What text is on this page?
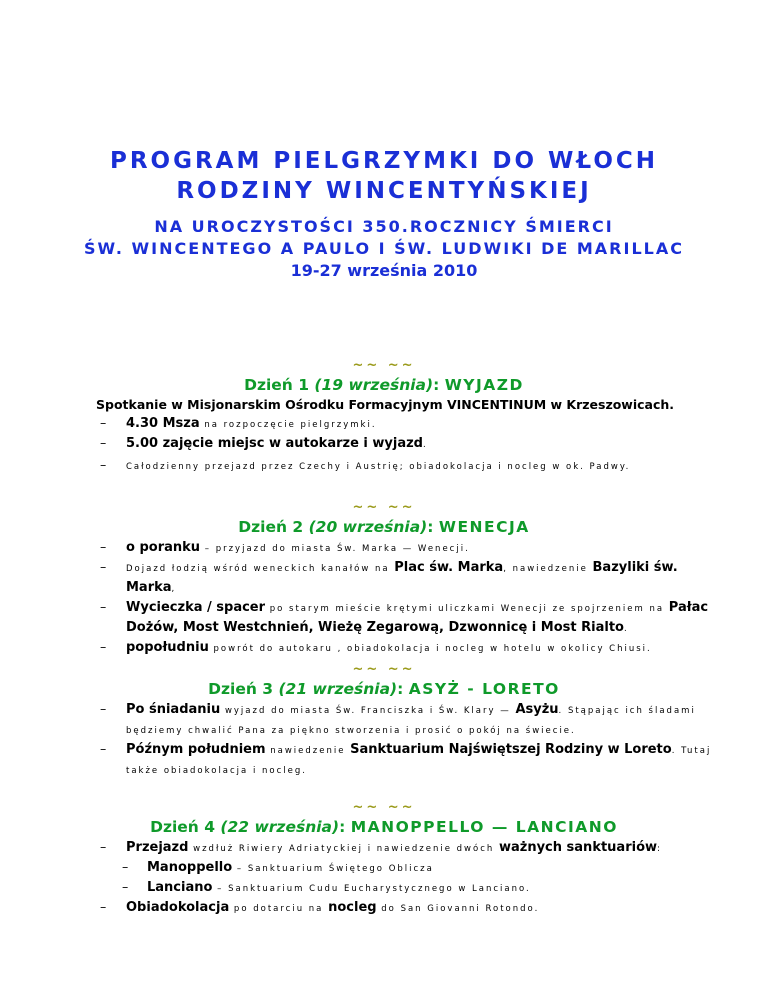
PROGRAM PIELGRZYMKI DO WŁOCH
RODZINY WINCENTYŃSKIEJ
NA UROCZYSTOŚCI 350.ROCZNICY ŚMIERCI
ŚW. WINCENTEGO A PAULO I ŚW. LUDWIKI DE MARILLAC
19-27 września 2010
~~ ~~
Dzień 1 (19 września): WYJAZD
Spotkanie w Misjonarskim Ośrodku Formacyjnym VINCENTINUM w Krzeszowicach.
– 4.30 Msza na rozpoczęcie pielgrzymki.
– 5.00 zajęcie miejsc w autokarze i wyjazd.
– Całodzienny przejazd przez Czechy i Austrię; obiadokolacja i nocleg w ok. Padwy.
~~ ~~
Dzień 2 (20 września): WENECJA
– o poranku – przyjazd do miasta Św. Marka — Wenecji.
– Dojazd łodzią wśród weneckich kanałów na Plac św. Marka, nawiedzenie Bazyliki św. Marka,
– Wycieczka / spacer po starym mieście krętymi uliczkami Wenecji ze spojrzeniem na Pałac Dożów, Most Westchnień, Wieżę Zegarową, Dzwonnicę i Most Rialto.
– popołudniu powrót do autokaru , obiadokolacja i nocleg w hotelu w okolicy Chiusi.
~~ ~~
Dzień 3 (21 września): ASYŻ - LORETO
– Po śniadaniu wyjazd do miasta Św. Franciszka i Św. Klary — Asyżu. Stąpając ich śladami będziemy chwalić Pana za piękno stworzenia i prosić o pokój na świecie.
– Późnym południem nawiedzenie Sanktuarium Najświętszej Rodziny w Loreto. Tutaj także obiadokolacja i nocleg.
~~ ~~
Dzień 4 (22 września): MANOPPELLO — LANCIANO
– Przejazd wzdłuż Riwiery Adriatyckiej i nawiedzenie dwóch ważnych sanktuariów:
– Manoppello – Sanktuarium Świętego Oblicza
– Lanciano – Sanktuarium Cudu Eucharystycznego w Lanciano.
– Obiadokolacja po dotarciu na nocleg do San Giovanni Rotondo.
